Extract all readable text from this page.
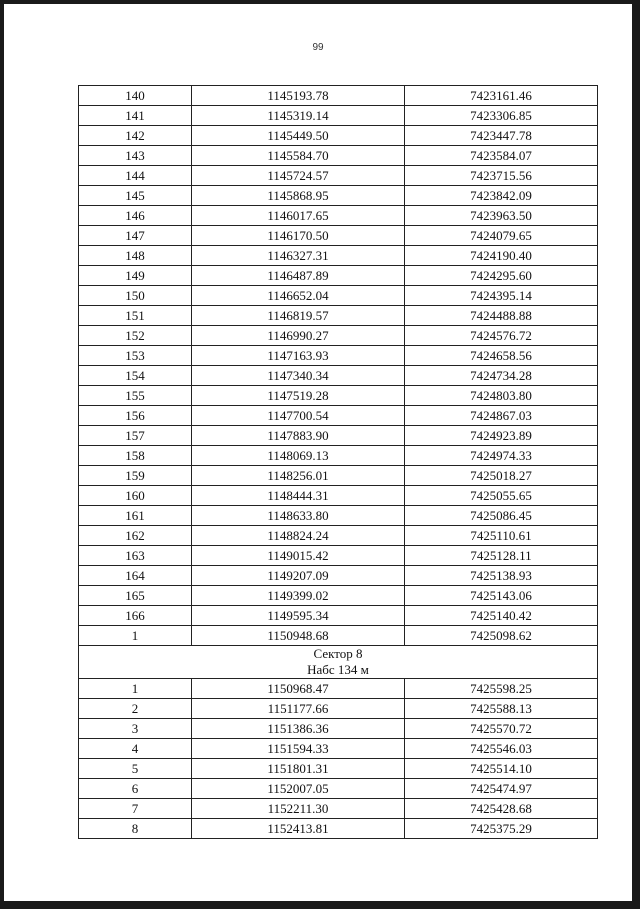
99
140	1145193.78	7423161.46
141	1145319.14	7423306.85
142	1145449.50	7423447.78
143	1145584.70	7423584.07
144	1145724.57	7423715.56
145	1145868.95	7423842.09
146	1146017.65	7423963.50
147	1146170.50	7424079.65
148	1146327.31	7424190.40
149	1146487.89	7424295.60
150	1146652.04	7424395.14
151	1146819.57	7424488.88
152	1146990.27	7424576.72
153	1147163.93	7424658.56
154	1147340.34	7424734.28
155	1147519.28	7424803.80
156	1147700.54	7424867.03
157	1147883.90	7424923.89
158	1148069.13	7424974.33
159	1148256.01	7425018.27
160	1148444.31	7425055.65
161	1148633.80	7425086.45
162	1148824.24	7425110.61
163	1149015.42	7425128.11
164	1149207.09	7425138.93
165	1149399.02	7425143.06
166	1149595.34	7425140.42
1	1150948.68	7425098.62

Сектор 8
Набс 134 м		

1	1150968.47	7425598.25
2	1151177.66	7425588.13
3	1151386.36	7425570.72
4	1151594.33	7425546.03
5	1151801.31	7425514.10
6	1152007.05	7425474.97
7	1152211.30	7425428.68
8	1152413.81	7425375.29
